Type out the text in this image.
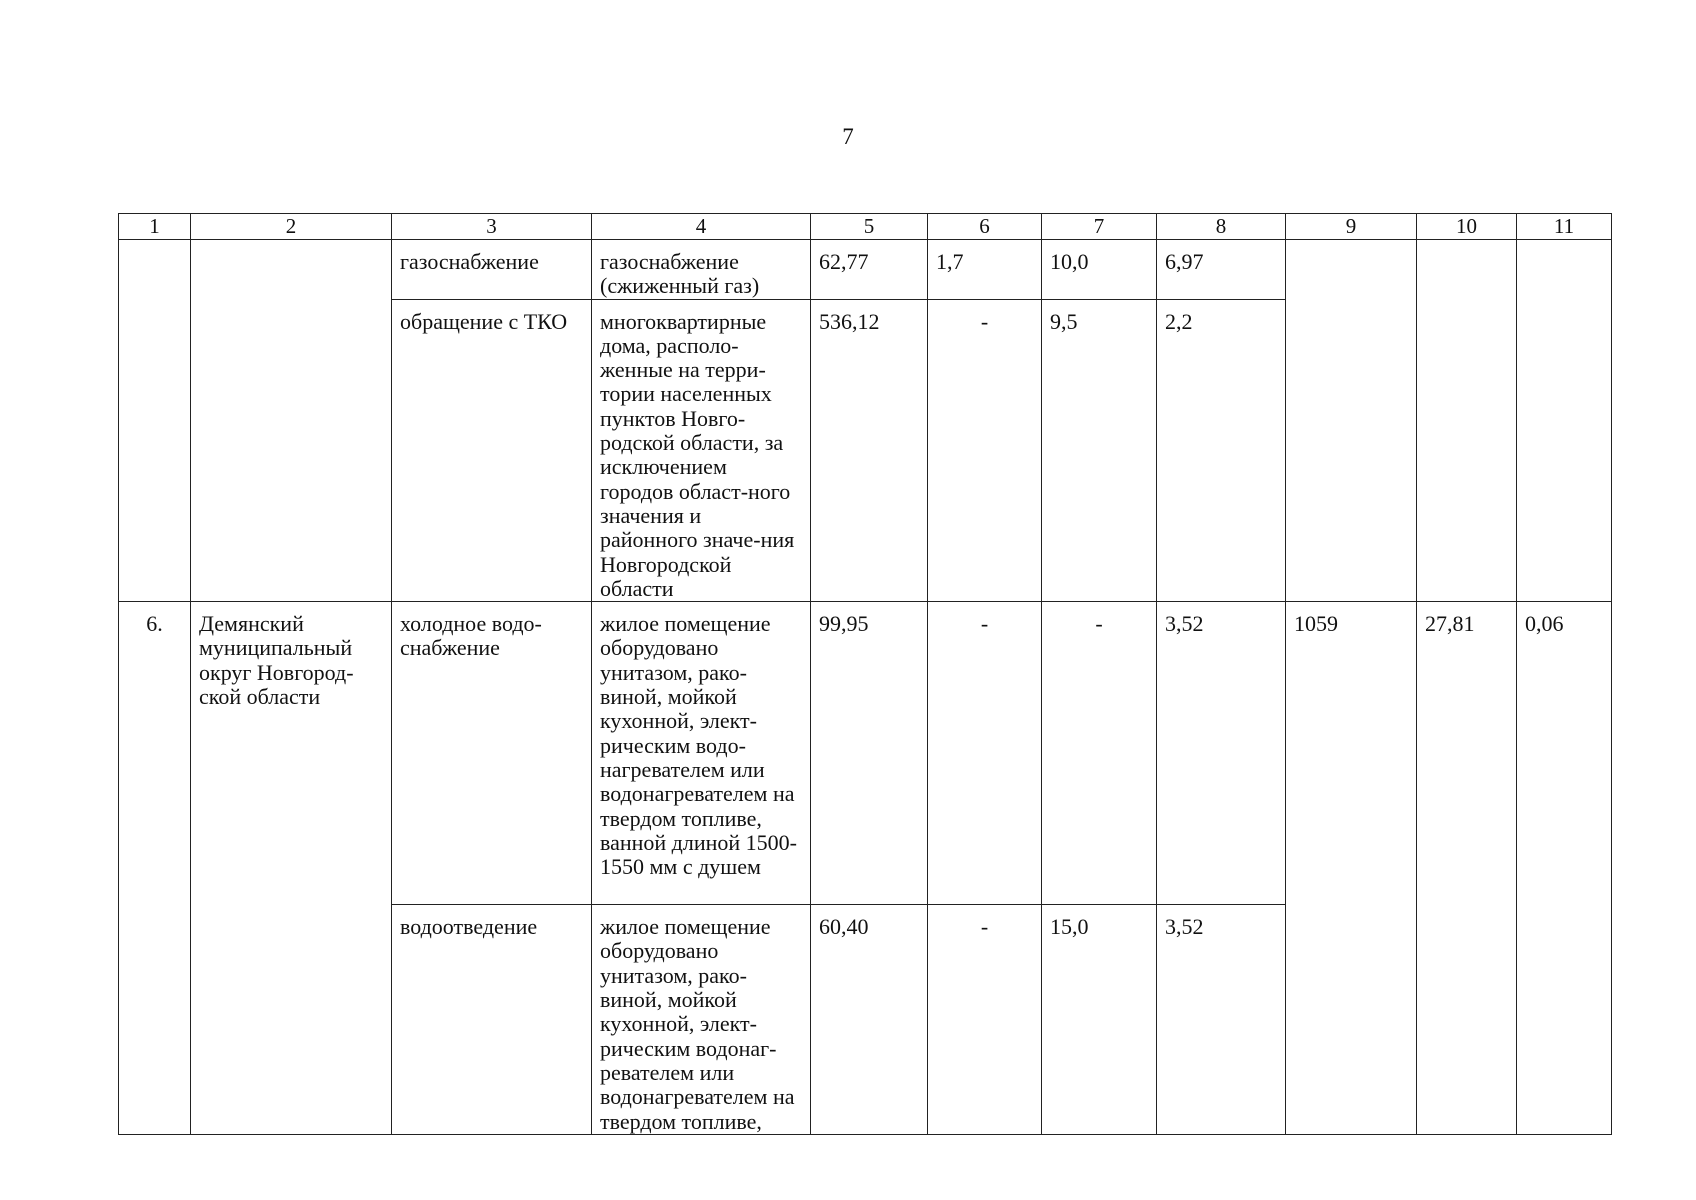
7
1	2	3	4	5	6	7	8	9	10	11

		газоснабжение	газоснабжение (сжиженный газ)	62,77	1,7	10,0	6,97			

		обращение с ТКО	многоквартирные дома, располо-женные на терри-тории населенных пунктов Новго-родской области, за исключением городов област-ного значения и районного значе-ния Новгородской области	536,12	-	9,5	2,2			

6.	Демянский муниципальный округ Новгород-ской области	холодное водо-снабжение	жилое помещение оборудовано унитазом, рако-виной, мойкой кухонной, элект-рическим водо-нагревателем или водонагревателем на твердом топливе, ванной длиной 1500-1550 мм с душем	99,95	-	-	3,52	1059	27,81	0,06

		водоотведение	жилое помещение оборудовано унитазом, рако-виной, мойкой кухонной, элект-рическим водонаг-ревателем или водонагревателем на твердом топливе,	60,40	-	15,0	3,52			
